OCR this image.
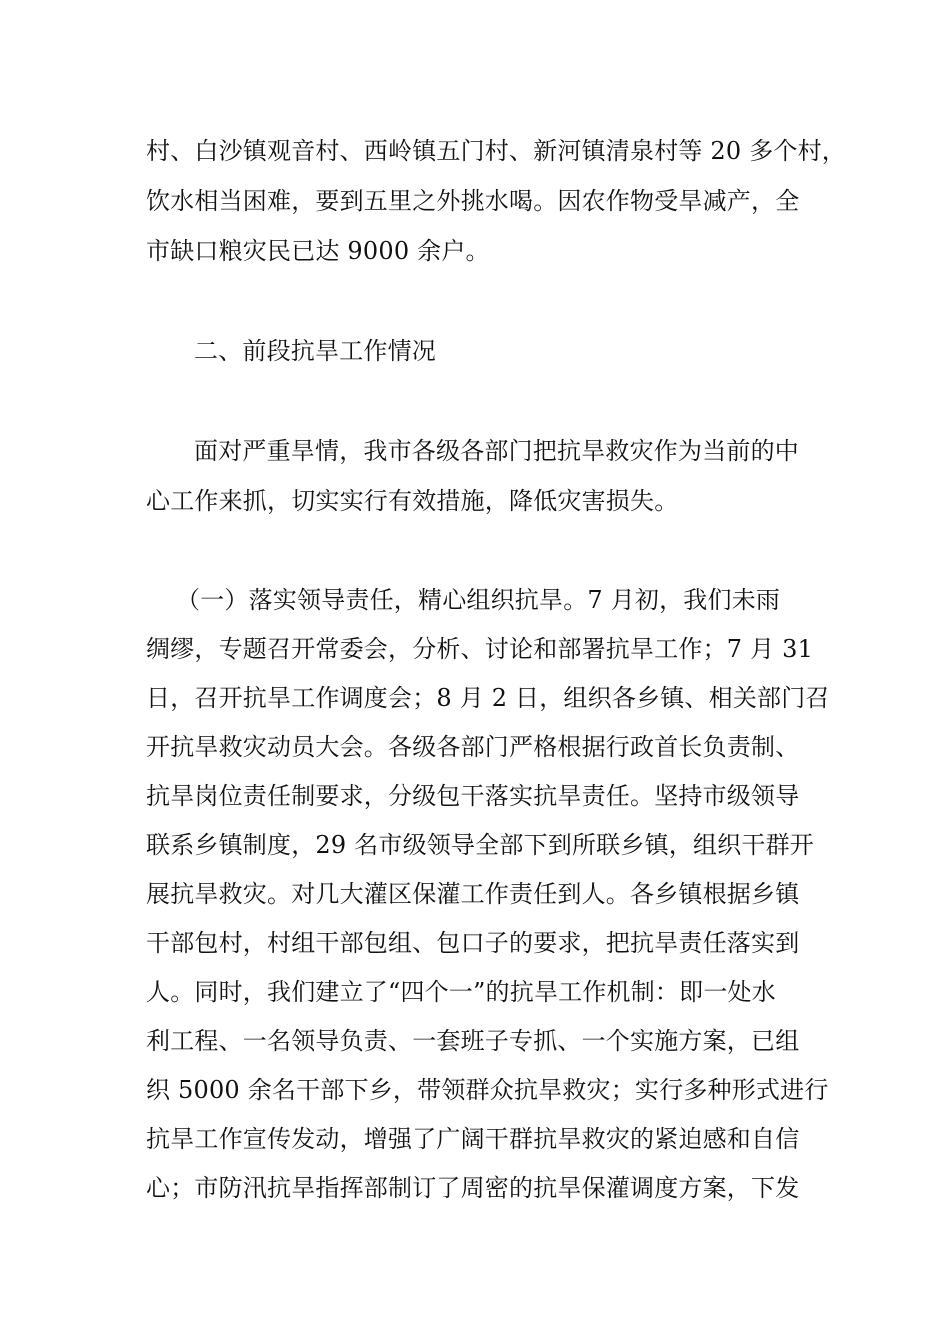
村、白沙镇观音村、西岭镇五门村、新河镇清泉村等 20 多个村，
饮水相当困难，要到五里之外挑水喝。因农作物受旱减产，全
市缺口粮灾民已达 9000 余户。
二、前段抗旱工作情况
面对严重旱情，我市各级各部门把抗旱救灾作为当前的中
心工作来抓，切实实行有效措施，降低灾害损失。
（一）落实领导责任，精心组织抗旱。7 月初，我们未雨
绸缪，专题召开常委会，分析、讨论和部署抗旱工作；7 月 31
日，召开抗旱工作调度会；8 月 2 日，组织各乡镇、相关部门召
开抗旱救灾动员大会。各级各部门严格根据行政首长负责制、
抗旱岗位责任制要求，分级包干落实抗旱责任。坚持市级领导
联系乡镇制度，29 名市级领导全部下到所联乡镇，组织干群开
展抗旱救灾。对几大灌区保灌工作责任到人。各乡镇根据乡镇
干部包村，村组干部包组、包口子的要求，把抗旱责任落实到
人。同时，我们建立了“四个一”的抗旱工作机制：即一处水
利工程、一名领导负责、一套班子专抓、一个实施方案，已组
织 5000 余名干部下乡，带领群众抗旱救灾；实行多种形式进行
抗旱工作宣传发动，增强了广阔干群抗旱救灾的紧迫感和自信
心；市防汛抗旱指挥部制订了周密的抗旱保灌调度方案，下发
